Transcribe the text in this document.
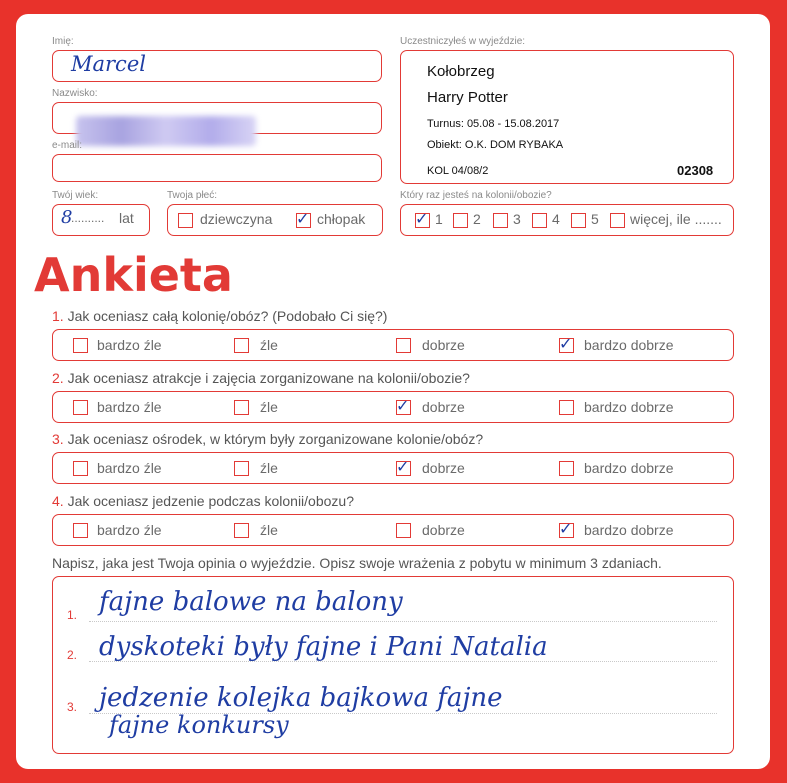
Imię:
Marcel
Nazwisko:
e-mail:
Twój wiek:
8
.......... lat
Twoja płeć:
dziewczyna ✓ chłopak
Uczestniczyłeś w wyjeździe:
Kołobrzeg
Harry Potter
Turnus: 05.08 - 15.08.2017
Obiekt: O.K. DOM RYBAKA
KOL 04/08/2	02308
Który raz jesteś na kolonii/obozie?
✓ 1 2 3 4 5 więcej, ile .......
Ankieta
1. Jak oceniasz całą kolonię/obóz? (Podobało Ci się?)
bardzo źle	źle	dobrze	✓ bardzo dobrze
2. Jak oceniasz atrakcje i zajęcia zorganizowane na kolonii/obozie?
bardzo źle	źle	✓ dobrze	bardzo dobrze
3. Jak oceniasz ośrodek, w którym były zorganizowane kolonie/obóz?
bardzo źle	źle	✓ dobrze	bardzo dobrze
4. Jak oceniasz jedzenie podczas kolonii/obozu?
bardzo źle	źle	dobrze	✓ bardzo dobrze
Napisz, jaka jest Twoja opinia o wyjeździe. Opisz swoje wrażenia z pobytu w minimum 3 zdaniach.
1.
2.
3.
fajne balowe na balony
dyskoteki były fajne i Pani Natalia
jedzenie kolejka bajkowa fajne
fajne konkursy
